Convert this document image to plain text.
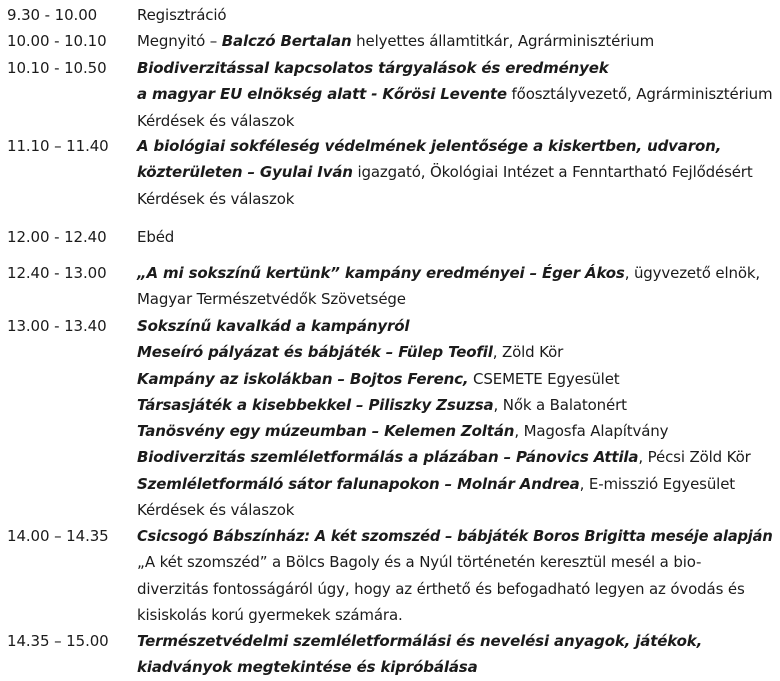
9.30 - 10.00	Regisztráció
10.00 - 10.10 Megnyitó – Balczó Bertalan helyettes államtitkár, Agrárminisztérium
10.10 - 10.50 Biodiverzitással kapcsolatos tárgyalások és eredmények
a magyar EU elnökség alatt - Kőrösi Levente főosztályvezető, Agrárminisztérium
Kérdések és válaszok
11.10 – 11.40 A biológiai sokféleség védelmének jelentősége a kiskertben, udvaron,
közterületen – Gyulai Iván igazgató, Ökológiai Intézet a Fenntartható Fejlődésért
Kérdések és válaszok
12.00 - 12.40 Ebéd
12.40 - 13.00 „A mi sokszínű kertünk” kampány eredményei – Éger Ákos, ügyvezető elnök,
Magyar Természetvédők Szövetsége
13.00 - 13.40 Sokszínű kavalkád a kampányról
Meseíró pályázat és bábjáték – Fülep Teofil, Zöld Kör
Kampány az iskolákban – Bojtos Ferenc, CSEMETE Egyesület
Társasjáték a kisebbekkel – Piliszky Zsuzsa, Nők a Balatonért
Tanösvény egy múzeumban – Kelemen Zoltán, Magosfa Alapítvány
Biodiverzitás szemléletformálás a plázában – Pánovics Attila, Pécsi Zöld Kör
Szemléletformáló sátor falunapokon – Molnár Andrea, E-misszió Egyesület
Kérdések és válaszok
14.00 – 14.35 Csicsogó Bábszínház: A két szomszéd – bábjáték Boros Brigitta meséje alapján
„A két szomszéd” a Bölcs Bagoly és a Nyúl történetén keresztül mesél a bio-
diverzitás fontosságáról úgy, hogy az érthető és befogadható legyen az óvodás és
kisiskolás korú gyermekek számára.
14.35 – 15.00 Természetvédelmi szemléletformálási és nevelési anyagok, játékok,
kiadványok megtekintése és kipróbálása
